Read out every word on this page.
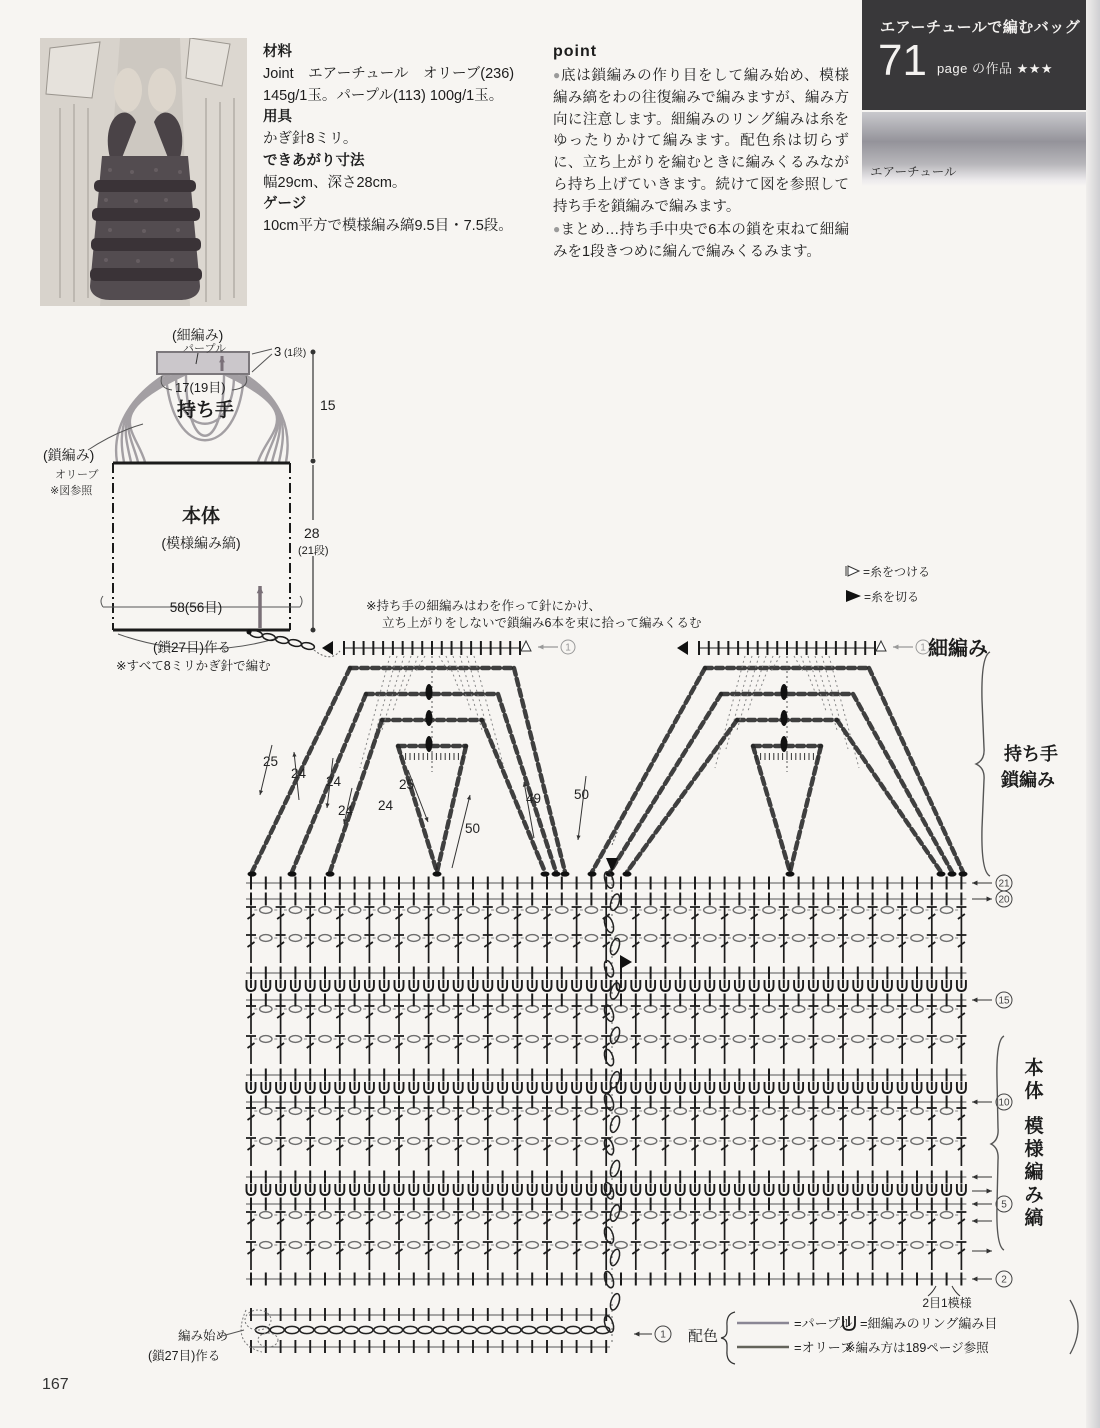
エアーチュールで編むバッグ
71 page の作品 ★★★
エアーチュール
材料
Joint　エアーチュール　オリーブ(236)
145g/1玉。パープル(113) 100g/1玉。
用具
かぎ針8ミリ。
できあがり寸法
幅29cm、深さ28cm。
ゲージ
10cm平方で模様編み縞9.5目・7.5段。
point

●底は鎖編みの作り目をして編み始め、模様編み縞をわの往復編みで編みますが、編み方向に注意します。細編みのリング編みは糸をゆったりかけて編みます。配色糸は切らずに、立ち上がりを編むときに編みくるみながら持ち上げていきます。続けて図を参照して持ち手を鎖編みで編みます。

●まとめ…持ち手中央で6本の鎖を束ねて細編みを1段きつめに編んで編みくるみます。

(細編み)
パープル	3 (1段)
17(19目)
持ち手
(鎖編み)
オリーブ
※図参照
本体
(模様編み縞)
15
28
(21段)
58(56目)
(鎖27目)作る
※すべて8ミリかぎ針で編む
=糸をつける
=糸を切る
※持ち手の細編みはわを作って針にかけ、
立ち上がりをしないで鎖編み6本を束に拾って編みくるむ
1	1 細編み
25
24
24
24 24
25
50
49 50
持ち手
鎖編み
1
2
5
10
15
20
21
2目1模様
本
体
模
様
編
み
縞
編み始め
(鎖27目)作る
配色
=パープル
=オリーブ
=細編みのリング編み目
※編み方は189ページ参照
167
